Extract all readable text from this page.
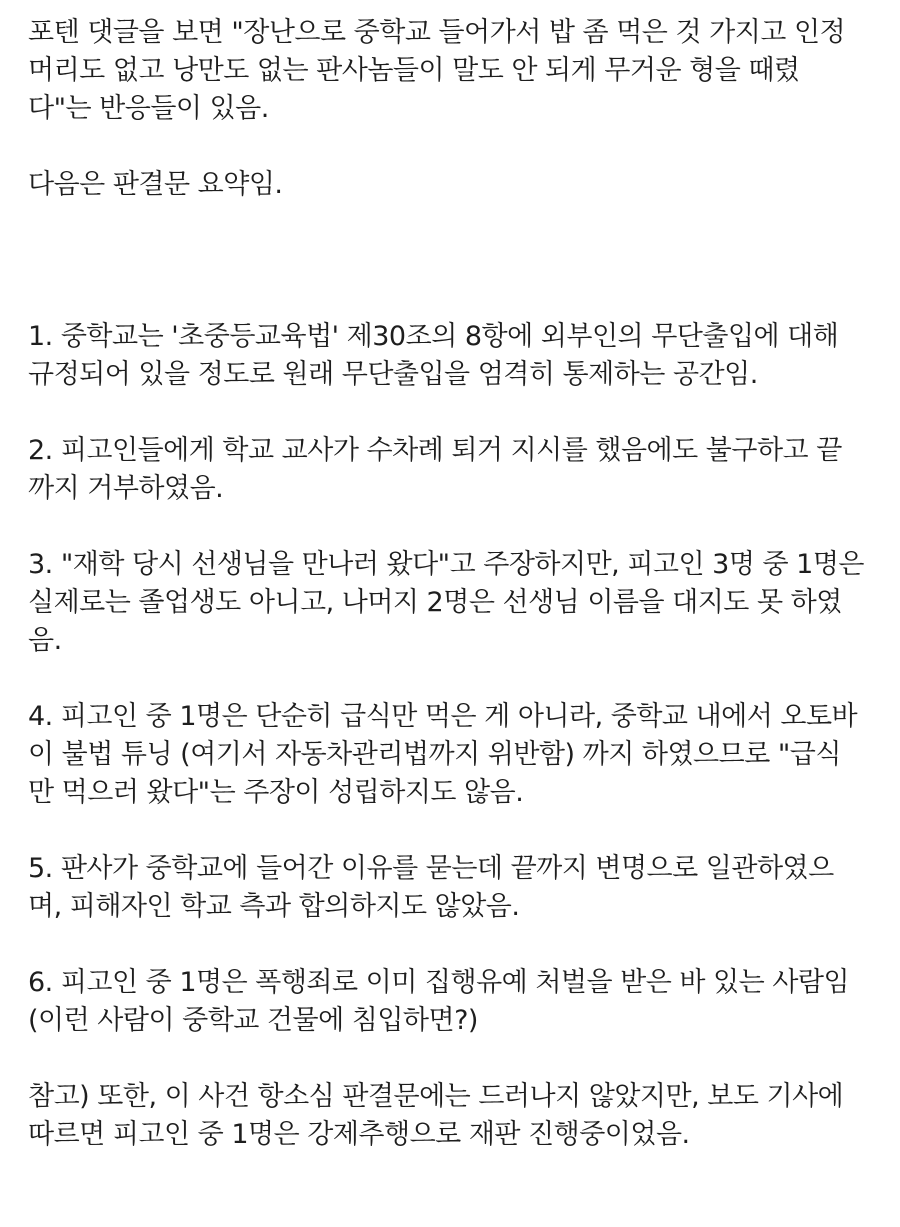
포텐 댓글을 보면 "장난으로 중학교 들어가서 밥 좀 먹은 것 가지고 인정
머리도 없고 낭만도 없는 판사놈들이 말도 안 되게 무거운 형을 때렸
다"는 반응들이 있음.

다음은 판결문 요약임.

1. 중학교는 '초중등교육법' 제30조의 8항에 외부인의 무단출입에 대해
규정되어 있을 정도로 원래 무단출입을 엄격히 통제하는 공간임.

2. 피고인들에게 학교 교사가 수차례 퇴거 지시를 했음에도 불구하고 끝
까지 거부하였음.

3. "재학 당시 선생님을 만나러 왔다"고 주장하지만, 피고인 3명 중 1명은
실제로는 졸업생도 아니고, 나머지 2명은 선생님 이름을 대지도 못 하였
음.

4. 피고인 중 1명은 단순히 급식만 먹은 게 아니라, 중학교 내에서 오토바
이 불법 튜닝 (여기서 자동차관리법까지 위반함) 까지 하였으므로 "급식
만 먹으러 왔다"는 주장이 성립하지도 않음.

5. 판사가 중학교에 들어간 이유를 묻는데 끝까지 변명으로 일관하였으
며, 피해자인 학교 측과 합의하지도 않았음.

6. 피고인 중 1명은 폭행죄로 이미 집행유예 처벌을 받은 바 있는 사람임
(이런 사람이 중학교 건물에 침입하면?)

참고) 또한, 이 사건 항소심 판결문에는 드러나지 않았지만, 보도 기사에
따르면 피고인 중 1명은 강제추행으로 재판 진행중이었음.
